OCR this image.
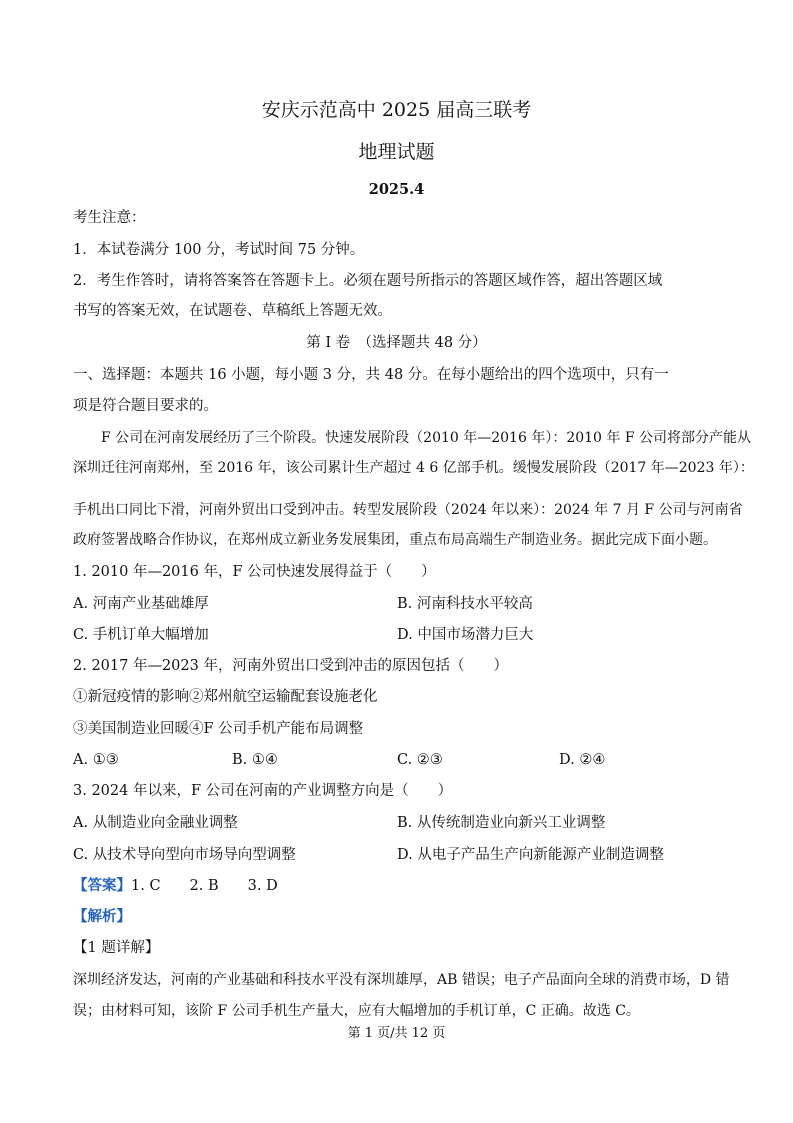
安庆示范高中 2025 届高三联考
地理试题
2025.4
考生注意：
1．本试卷满分 100 分，考试时间 75 分钟。
2．考生作答时，请将答案答在答题卡上。必须在题号所指示的答题区域作答，超出答题区域
书写的答案无效，在试题卷、草稿纸上答题无效。
第 I 卷　（选择题共 48 分）
一、选择题：本题共 16 小题，每小题 3 分，共 48 分。在每小题给出的四个选项中，只有一
项是符合题目要求的。
F 公司在河南发展经历了三个阶段。快速发展阶段（2010 年—2016 年）：2010 年 F 公司将部分产能从
深圳迁往河南郑州，至 2016 年，该公司累计生产超过 4 6 亿部手机。缓慢发展阶段（2017 年—2023 年）：
手机出口同比下滑，河南外贸出口受到冲击。转型发展阶段（2024 年以来）：2024 年 7 月 F 公司与河南省
政府签署战略合作协议，在郑州成立新业务发展集团，重点布局高端生产制造业务。据此完成下面小题。
1. 2010 年—2016 年，F 公司快速发展得益于（　　）
A. 河南产业基础雄厚	B. 河南科技水平较高
C. 手机订单大幅增加	D. 中国市场潜力巨大
2. 2017 年—2023 年，河南外贸出口受到冲击的原因包括（　　）
①新冠疫情的影响②郑州航空运输配套设施老化
③美国制造业回暖④F 公司手机产能布局调整
A. ①③	B. ①④	C. ②③	D. ②④
3. 2024 年以来，F 公司在河南的产业调整方向是（　　）
A. 从制造业向金融业调整	B. 从传统制造业向新兴工业调整
C. 从技术导向型向市场导向型调整	D. 从电子产品生产向新能源产业制造调整
【答案】1. C　　2. B　　3. D
【解析】
【1 题详解】
深圳经济发达，河南的产业基础和科技水平没有深圳雄厚，AB 错误；电子产品面向全球的消费市场，D 错
误；由材料可知，该阶 F 公司手机生产量大，应有大幅增加的手机订单，C 正确。故选 C。
第 1 页/共 12 页
